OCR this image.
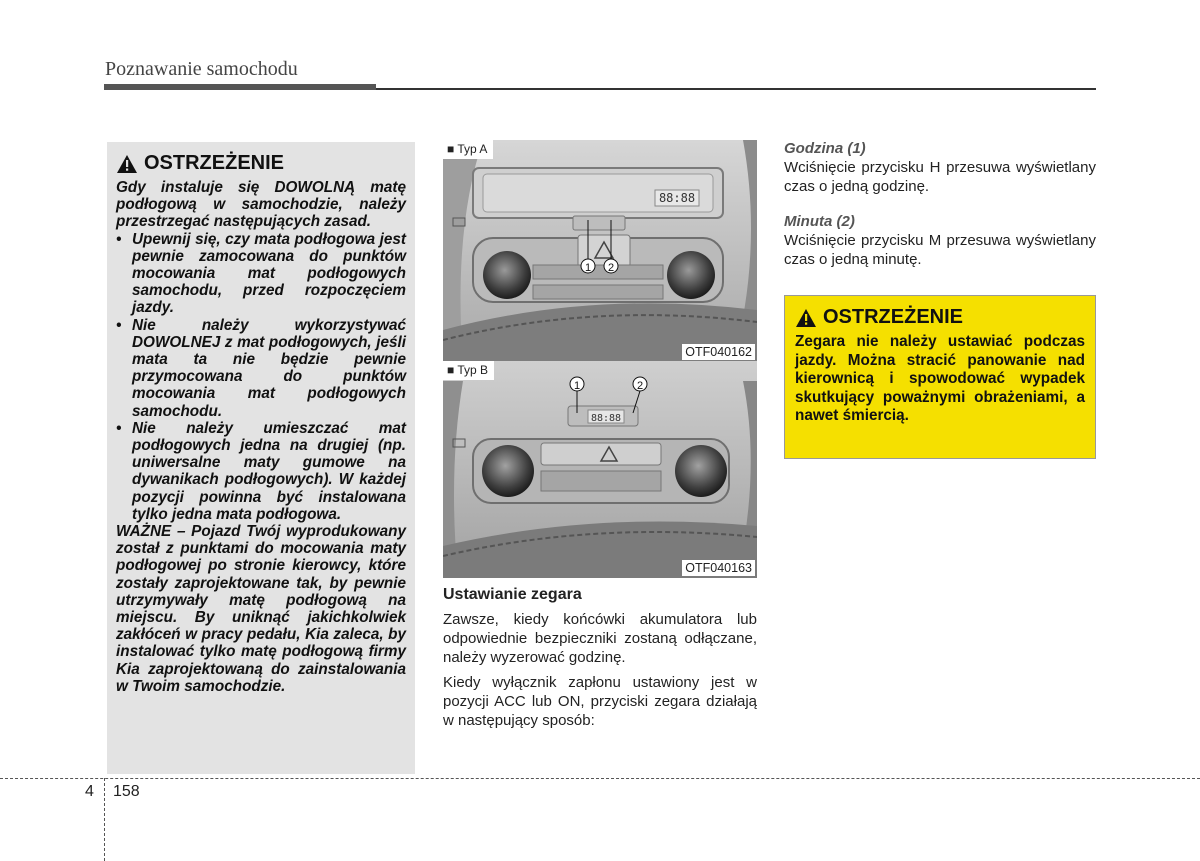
Poznawanie samochodu
OSTRZEŻENIE

Gdy instaluje się DOWOLNĄ matę podłogową w samochodzie, należy przestrzegać następujących zasad.

• Upewnij się, czy mata podłogowa jest pewnie zamocowana do punktów mocowania mat podłogowych samochodu, przed rozpoczęciem jazdy.
• Nie należy wykorzystywać DOWOLNEJ z mat podłogowych, jeśli mata ta nie będzie pewnie przymocowana do punktów mocowania mat podłogowych samochodu.
• Nie należy umieszczać mat podłogowych jedna na drugiej (np. uniwersalne maty gumowe na dywanikach podłogowych). W każdej pozycji powinna być instalowana tylko jedna mata podłogowa.

WAŻNE – Pojazd Twój wyprodukowany został z punktami do mocowania maty podłogowej po stronie kierowcy, które zostały zaprojektowane tak, by pewnie utrzymywały matę podłogową na miejscu. By uniknąć jakichkolwiek zakłóceń w pracy pedału, Kia zaleca, by instalować tylko matę podłogową firmy Kia zaprojektowaną do zainstalowania w Twoim samochodzie.

■ Typ A
88:88
1 2
OTF040162
■ Typ B
88:88
1	2
OTF040163
Ustawianie zegara

Zawsze, kiedy końcówki akumulatora lub odpowiednie bezpieczniki zostaną odłączane, należy wyzerować godzinę.

Kiedy wyłącznik zapłonu ustawiony jest w pozycji ACC lub ON, przyciski zegara działają w następujący sposób:

Godzina (1)

Wciśnięcie przycisku H przesuwa wyświetlany czas o jedną godzinę.

Minuta (2)

Wciśnięcie przycisku M przesuwa wyświetlany czas o jedną minutę.

OSTRZEŻENIE
Zegara nie należy ustawiać podczas jazdy. Można stracić panowanie nad kierownicą i spowodować wypadek skutkujący poważnymi obrażeniami, a nawet śmiercią.
4 158
